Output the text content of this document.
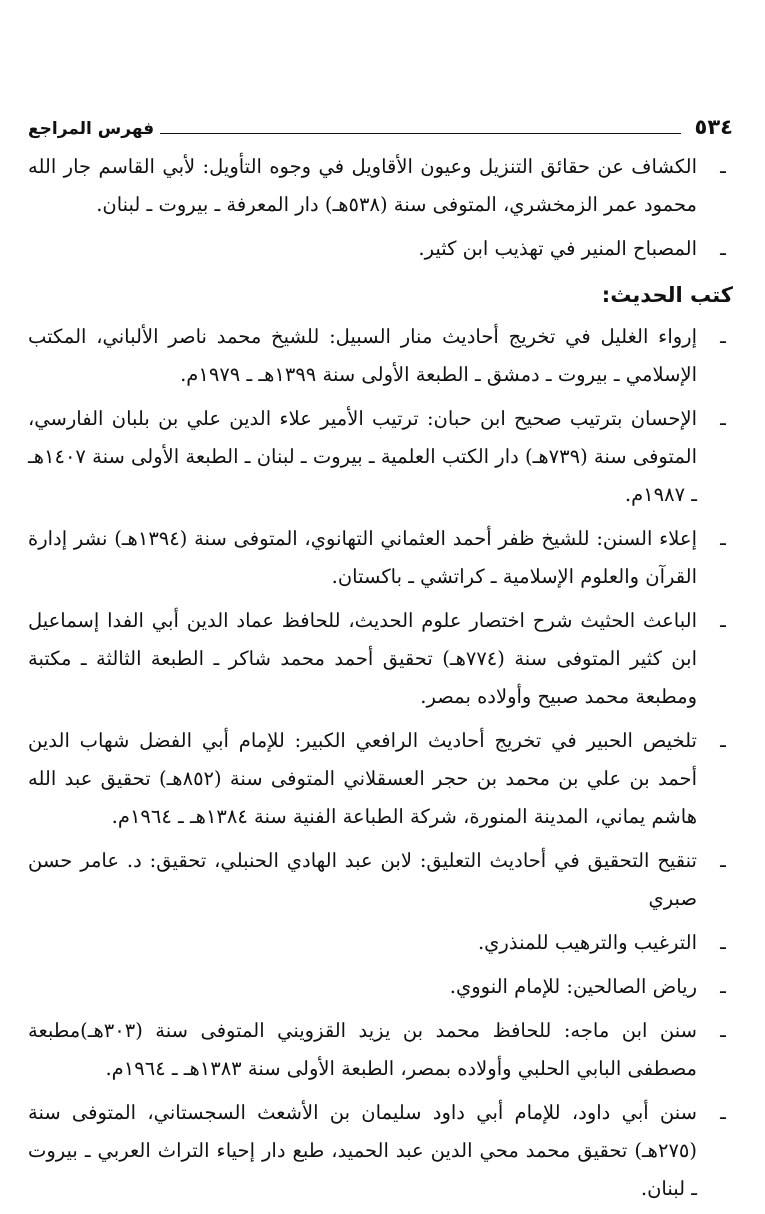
٥٣٤
فهرس المراجع
ـ
الكشاف عن حقائق التنزيل وعيون الأقاويل في وجوه التأويل: لأبي القاسم جار الله محمود عمر الزمخشري، المتوفى سنة (٥٣٨هـ) دار المعرفة ـ بيروت ـ لبنان.
ـ
المصباح المنير في تهذيب ابن كثير.
كتب الحديث:
ـ
إرواء الغليل في تخريج أحاديث منار السبيل: للشيخ محمد ناصر الألباني، المكتب الإسلامي ـ بيروت ـ دمشق ـ الطبعة الأولى سنة ١٣٩٩هـ ـ ١٩٧٩م.
ـ
الإحسان بترتيب صحيح ابن حبان: ترتيب الأمير علاء الدين علي بن بلبان الفارسي، المتوفى سنة (٧٣٩هـ) دار الكتب العلمية ـ بيروت ـ لبنان ـ الطبعة الأولى سنة ١٤٠٧هـ ـ ١٩٨٧م.
ـ
إعلاء السنن: للشيخ ظفر أحمد العثماني التهانوي، المتوفى سنة (١٣٩٤هـ) نشر إدارة القرآن والعلوم الإسلامية ـ كراتشي ـ باكستان.
ـ
الباعث الحثيث شرح اختصار علوم الحديث، للحافظ عماد الدين أبي الفدا إسماعيل ابن كثير المتوفى سنة (٧٧٤هـ) تحقيق أحمد محمد شاكر ـ الطبعة الثالثة ـ مكتبة ومطبعة محمد صبيح وأولاده بمصر.
ـ
تلخيص الحبير في تخريج أحاديث الرافعي الكبير: للإمام أبي الفضل شهاب الدين أحمد بن علي بن محمد بن حجر العسقلاني المتوفى سنة (٨٥٢هـ) تحقيق عبد الله هاشم يماني، المدينة المنورة، شركة الطباعة الفنية سنة ١٣٨٤هـ ـ ١٩٦٤م.
ـ
تنقيح التحقيق في أحاديث التعليق: لابن عبد الهادي الحنبلي، تحقيق: د. عامر حسن صبري
ـ
الترغيب والترهيب للمنذري.
ـ
رياض الصالحين: للإمام النووي.
ـ
سنن ابن ماجه: للحافظ محمد بن يزيد القزويني المتوفى سنة (٣٠٣هـ)مطبعة مصطفى البابي الحلبي وأولاده بمصر، الطبعة الأولى سنة ١٣٨٣هـ ـ ١٩٦٤م.
ـ
سنن أبي داود، للإمام أبي داود سليمان بن الأشعث السجستاني، المتوفى سنة (٢٧٥هـ) تحقيق محمد محي الدين عبد الحميد، طبع دار إحياء التراث العربي ـ بيروت ـ لبنان.
